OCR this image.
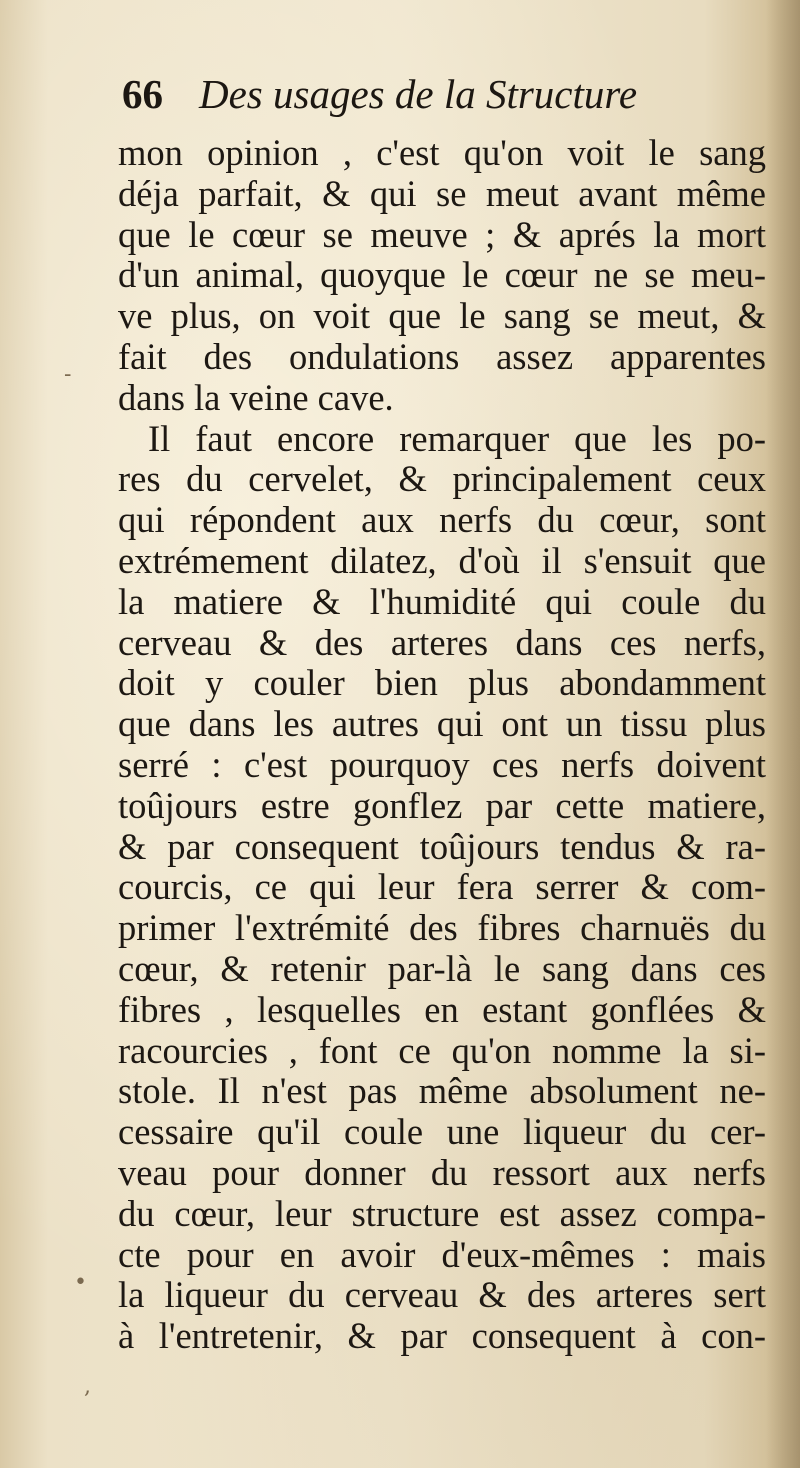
66 Des usages de la Structure
mon opinion , c'est qu'on voit le sang
déja parfait, & qui se meut avant même
que le cœur se meuve ; & aprés la mort
d'un animal, quoyque le cœur ne se meu-
ve plus, on voit que le sang se meut, &
fait des ondulations assez apparentes
dans la veine cave.
Il faut encore remarquer que les po-
res du cervelet, & principalement ceux
qui répondent aux nerfs du cœur, sont
extrémement dilatez, d'où il s'ensuit que
la matiere & l'humidité qui coule du
cerveau & des arteres dans ces nerfs,
doit y couler bien plus abondamment
que dans les autres qui ont un tissu plus
serré : c'est pourquoy ces nerfs doivent
toûjours estre gonflez par cette matiere,
& par consequent toûjours tendus & ra-
courcis, ce qui leur fera serrer & com-
primer l'extrémité des fibres charnuës du
cœur, & retenir par-là le sang dans ces
fibres , lesquelles en estant gonflées &
racourcies , font ce qu'on nomme la si-
stole. Il n'est pas même absolument ne-
cessaire qu'il coule une liqueur du cer-
veau pour donner du ressort aux nerfs
du cœur, leur structure est assez compa-
cte pour en avoir d'eux-mêmes : mais
la liqueur du cerveau & des arteres sert
à l'entretenir, & par consequent à con-
-
•
,
